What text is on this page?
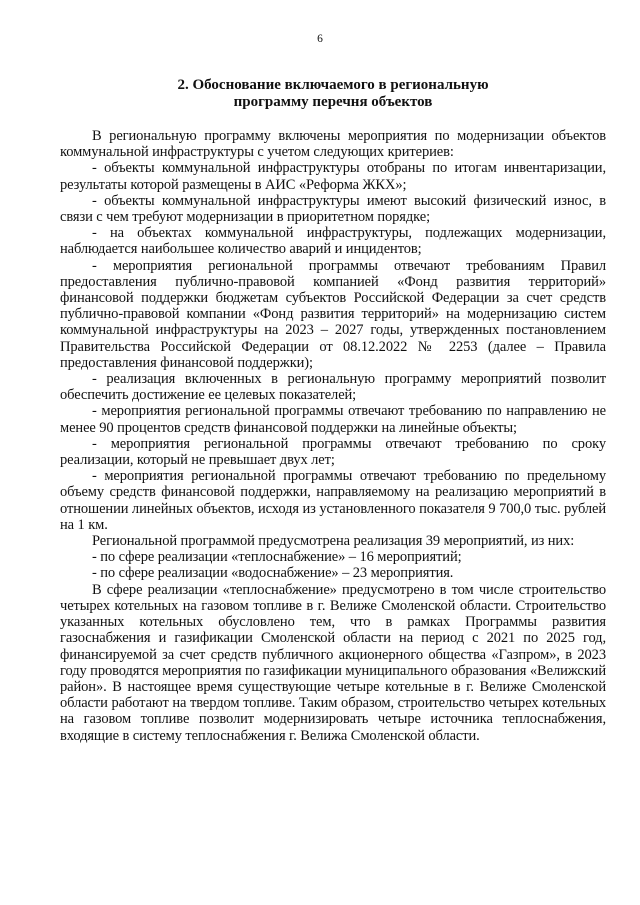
6
2. Обоснование включаемого в региональную
программу перечня объектов

В региональную программу включены мероприятия по модернизации объектов коммунальной инфраструктуры с учетом следующих критериев:

- объекты коммунальной инфраструктуры отобраны по итогам инвентаризации, результаты которой размещены в АИС «Реформа ЖКХ»;

- объекты коммунальной инфраструктуры имеют высокий физический износ, в связи с чем требуют модернизации в приоритетном порядке;

- на объектах коммунальной инфраструктуры, подлежащих модернизации, наблюдается наибольшее количество аварий и инцидентов;

- мероприятия региональной программы отвечают требованиям Правил предоставления публично-правовой компанией «Фонд развития территорий» финансовой поддержки бюджетам субъектов Российской Федерации за счет средств публично-правовой компании «Фонд развития территорий» на модернизацию систем коммунальной инфраструктуры на 2023 – 2027 годы, утвержденных постановлением Правительства Российской Федерации от 08.12.2022 № 2253 (далее – Правила предоставления финансовой поддержки);

- реализация включенных в региональную программу мероприятий позволит обеспечить достижение ее целевых показателей;

- мероприятия региональной программы отвечают требованию по направлению не менее 90 процентов средств финансовой поддержки на линейные объекты;

- мероприятия региональной программы отвечают требованию по сроку реализации, который не превышает двух лет;

- мероприятия региональной программы отвечают требованию по предельному объему средств финансовой поддержки, направляемому на реализацию мероприятий в отношении линейных объектов, исходя из установленного показателя 9 700,0 тыс. рублей на 1 км.

Региональной программой предусмотрена реализация 39 мероприятий, из них:

- по сфере реализации «теплоснабжение» – 16 мероприятий;

- по сфере реализации «водоснабжение» – 23 мероприятия.

В сфере реализации «теплоснабжение» предусмотрено в том числе строительство четырех котельных на газовом топливе в г. Велиже Смоленской области. Строительство указанных котельных обусловлено тем, что в рамках Программы развития газоснабжения и газификации Смоленской области на период с 2021 по 2025 год, финансируемой за счет средств публичного акционерного общества «Газпром», в 2023 году проводятся мероприятия по газификации муниципального образования «Велижский район». В настоящее время существующие четыре котельные в г. Велиже Смоленской области работают на твердом топливе. Таким образом, строительство четырех котельных на газовом топливе позволит модернизировать четыре источника теплоснабжения, входящие в систему теплоснабжения г. Велижа Смоленской области.
